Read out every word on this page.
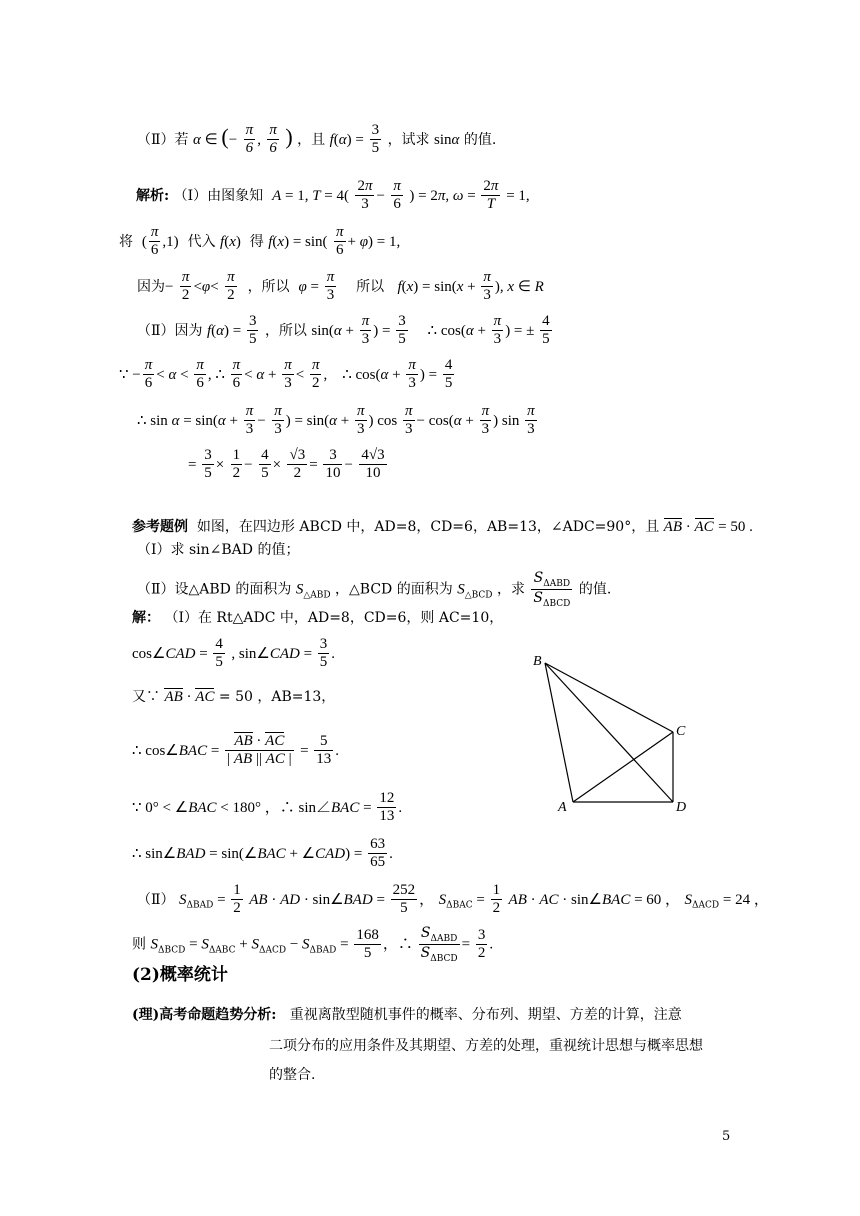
（Ⅱ）若 α ∈ (− $\frac{\pi}{6}$ , $\frac{\pi}{6}$ ) ，且 $f(\alpha) = \frac{3}{5}$ ，试求 sinα 的值.
解析: （Ⅰ）由图象知 A = 1, $T = 4( \frac{2\pi}{3} - \frac{\pi}{6}$ ) = 2π, $\omega = \frac{2\pi}{T} = 1$,
将 ( $\frac{\pi}{6} ,1$) 代入 f(x) 得 $f(x) = \sin( \frac{\pi}{6} + \varphi) = 1$,
因为− $\frac{\pi}{2} <\varphi< \frac{\pi}{2}$ ，所以 $\varphi = \frac{\pi}{3}$ 所以 $f(x) = \sin(x + \frac{\pi}{3}$ ), x ∈ R
（Ⅱ）因为 $f(\alpha) = \frac{3}{5}$ ，所以 $\sin(\alpha + \frac{\pi}{3}$ ) = $\frac{3}{5}$ ∴ $\cos(\alpha + \frac{\pi}{3}$ ) = ± $\frac{4}{5}$
∵ − $\frac{\pi}{6} < \alpha < \frac{\pi}{6}$ , ∴ $\frac{\pi}{6} < \alpha + \frac{\pi}{3} < \frac{\pi}{2}$ ,    ∴ $\cos(\alpha + \frac{\pi}{3}$ ) = $\frac{4}{5}$
∴ $\sin \alpha = \sin(\alpha + \frac{\pi}{3} - \frac{\pi}{3}$ ) = $\sin(\alpha + \frac{\pi}{3}$ ) $\cos \frac{\pi}{3} - \cos(\alpha + \frac{\pi}{3}$ ) $\sin \frac{\pi}{3}$
= $\frac{3}{5} \times \frac{1}{2} - \frac{4}{5} \times \frac{√3}{2} = \frac{3}{10} - \frac{4√3}{10}$
参考题例 如图，在四边形 ABCD 中，AD=8，CD=6，AB=13，∠ADC=90°，且 AB · AC = 50 .
（Ⅰ）求 sin∠BAD 的值；
（Ⅱ）设△ABD 的面积为 $S_{\triangle ABD}$ ，△BCD 的面积为 $S_{\triangle BCD}$ ，求
$S_{\Delta ABD}$
$S_{\Delta BCD}$
的值.
解： （Ⅰ）在 Rt△ADC 中，AD=8，CD=6，则 AC=10，
cos∠CAD = $\frac{4}{5}$ , sin∠CAD = $\frac{3}{5}$ .
又∵ AB · AC = 50 ，AB=13，
∴ cos∠BAC = $\frac{AB \cdot AC}{| AB || AC |} = \frac{5}{13}$ .
∵ 0° < ∠BAC < 180° ，∴ sin∠BAC = $\frac{12}{13}$ .
∴ sin∠BAD = sin(∠BAC + ∠CAD) = $\frac{63}{65}$ .
（Ⅱ） $S_{\Delta BAD} = \frac{1}{2}$ AB · AD · sin∠BAD = $\frac{252}{5}$ ， $S_{\Delta BAC} = \frac{1}{2}$ AB · AC · sin∠BAC = 60 ， $S_{\Delta ACD} = 24$ ，
则 $S_{\Delta BCD} = S_{\Delta ABC} + S_{\Delta ACD} - S_{\Delta BAD} = \frac{168}{5}$ ，∴
$S_{\Delta ABD}$
$S_{\Delta BCD}$
= $\frac{3}{2}$ .
B
C
A	D
(2)概率统计
(理)高考命题趋势分析: 重视离散型随机事件的概率、分布列、期望、方差的计算，注意
二项分布的应用条件及其期望、方差的处理，重视统计思想与概率思想
的整合.
5
